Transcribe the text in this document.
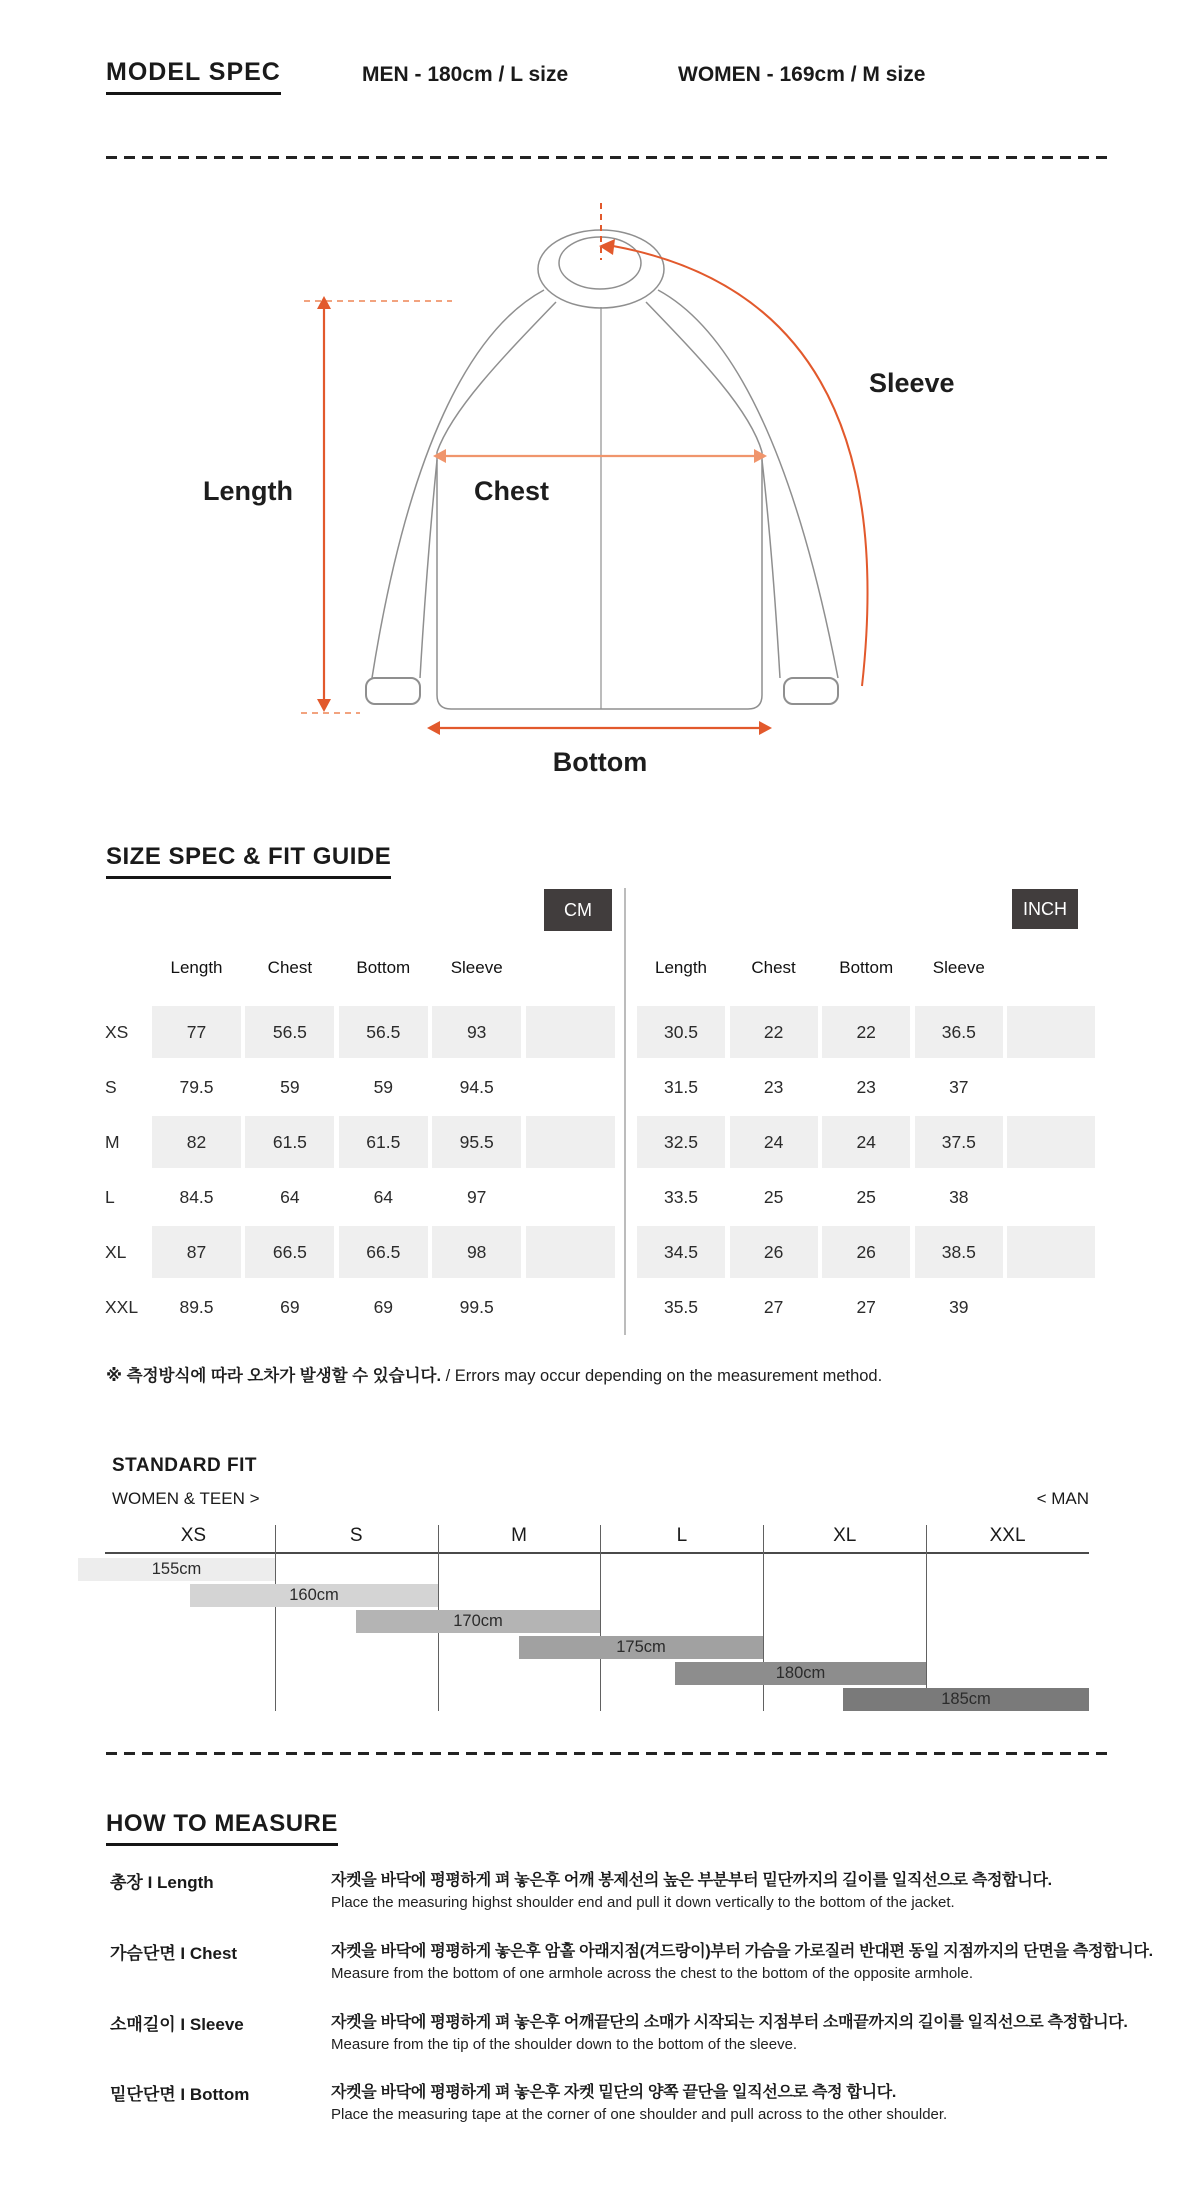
MODEL SPEC	MEN - 180cm / L size	WOMEN - 169cm / M size
Length	Chest
Sleeve
Bottom
SIZE SPEC & FIT GUIDE
CM	INCH
Length	Chest	Bottom	Sleeve
XS	77	56.5	56.5	93
S	79.5	59	59	94.5
M	82	61.5	61.5	95.5
L	84.5	64	64	97
XL	87	66.5	66.5	98
XXL	89.5	69	69	99.5
Length	Chest	Bottom	Sleeve
30.5	22	22	36.5
31.5	23	23	37
32.5	24	24	37.5
33.5	25	25	38
34.5	26	26	38.5
35.5	27	27	39
※ 측정방식에 따라 오차가 발생할 수 있습니다. / Errors may occur depending on the measurement method.
STANDARD FIT
WOMEN & TEEN >	< MAN
XS	S	M	L	XL	XXL
155cm
160cm
170cm
175cm
180cm
185cm
HOW TO MEASURE
총장 I Length	자켓을 바닥에 평평하게 펴 놓은후 어깨 봉제선의 높은 부분부터 밑단까지의 길이를 일직선으로 측정합니다.
Place the measuring highst shoulder end and pull it down vertically to the bottom of the jacket.
가슴단면 I Chest	자켓을 바닥에 평평하게 놓은후 암홀 아래지점(겨드랑이)부터 가슴을 가로질러 반대편 동일 지점까지의 단면을 측정합니다.
Measure from the bottom of one armhole across the chest to the bottom of the opposite armhole.
소매길이 I Sleeve	자켓을 바닥에 평평하게 펴 놓은후 어깨끝단의 소매가 시작되는 지점부터 소매끝까지의 길이를 일직선으로 측정합니다.
Measure from the tip of the shoulder down to the bottom of the sleeve.
밑단단면 I Bottom	자켓을 바닥에 평평하게 펴 놓은후 자켓 밑단의 양쪽 끝단을 일직선으로 측정 합니다.
Place the measuring tape at the corner of one shoulder and pull across to the other shoulder.
